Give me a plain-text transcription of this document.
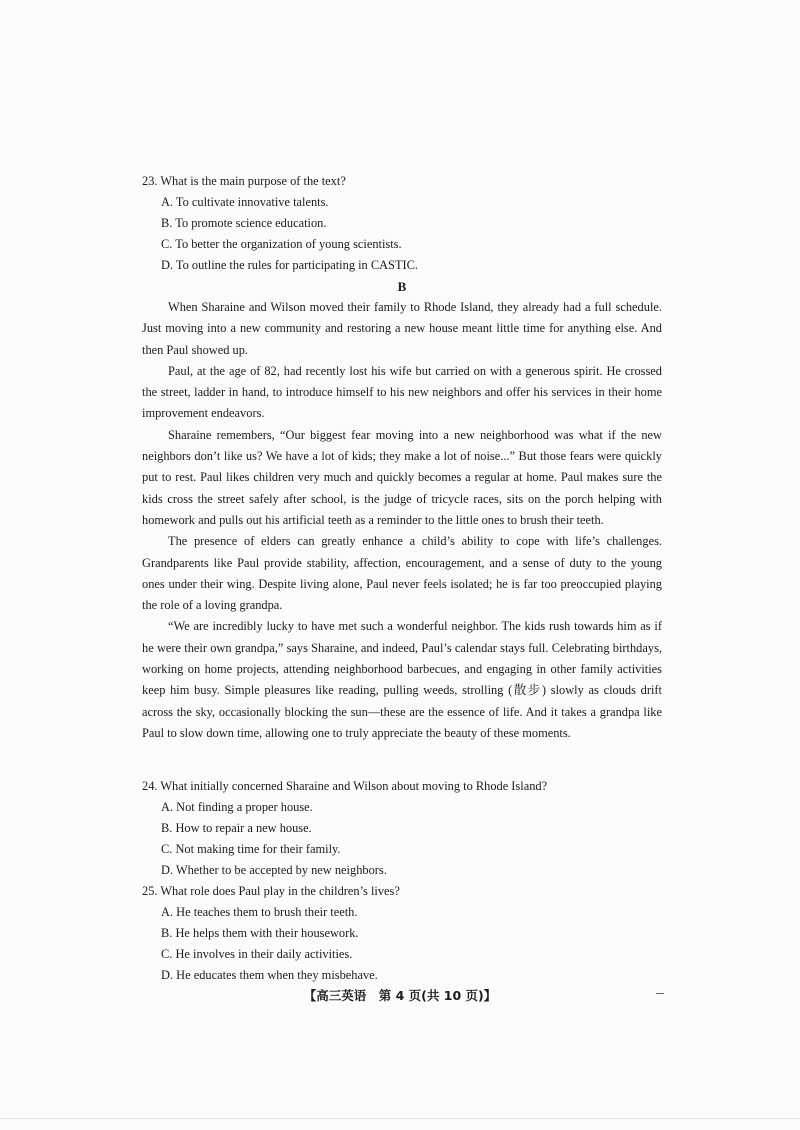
23. What is the main purpose of the text?

A. To cultivate innovative talents.

B. To promote science education.

C. To better the organization of young scientists.

D. To outline the rules for participating in CASTIC.

B

When Sharaine and Wilson moved their family to Rhode Island, they already had a full schedule. Just moving into a new community and restoring a new house meant little time for anything else. And then Paul showed up.

Paul, at the age of 82, had recently lost his wife but carried on with a generous spirit. He crossed the street, ladder in hand, to introduce himself to his new neighbors and offer his services in their home improvement endeavors.

Sharaine remembers, “Our biggest fear moving into a new neighborhood was what if the new neighbors don’t like us? We have a lot of kids; they make a lot of noise...” But those fears were quickly put to rest. Paul likes children very much and quickly becomes a regular at home. Paul makes sure the kids cross the street safely after school, is the judge of tricycle races, sits on the porch helping with homework and pulls out his artificial teeth as a reminder to the little ones to brush their teeth.

The presence of elders can greatly enhance a child’s ability to cope with life’s challenges. Grandparents like Paul provide stability, affection, encouragement, and a sense of duty to the young ones under their wing. Despite living alone, Paul never feels isolated; he is far too preoccupied playing the role of a loving grandpa.

“We are incredibly lucky to have met such a wonderful neighbor. The kids rush towards him as if he were their own grandpa,” says Sharaine, and indeed, Paul’s calendar stays full. Celebrating birthdays, working on home projects, attending neighborhood barbecues, and engaging in other family activities keep him busy. Simple pleasures like reading, pulling weeds, strolling (散步) slowly as clouds drift across the sky, occasionally blocking the sun—these are the essence of life. And it takes a grandpa like Paul to slow down time, allowing one to truly appreciate the beauty of these moments.

24. What initially concerned Sharaine and Wilson about moving to Rhode Island?

A. Not finding a proper house.

B. How to repair a new house.

C. Not making time for their family.

D. Whether to be accepted by new neighbors.

25. What role does Paul play in the children’s lives?

A. He teaches them to brush their teeth.

B. He helps them with their housework.

C. He involves in their daily activities.

D. He educates them when they misbehave.

【高三英语　第 4 页(共 10 页)】
